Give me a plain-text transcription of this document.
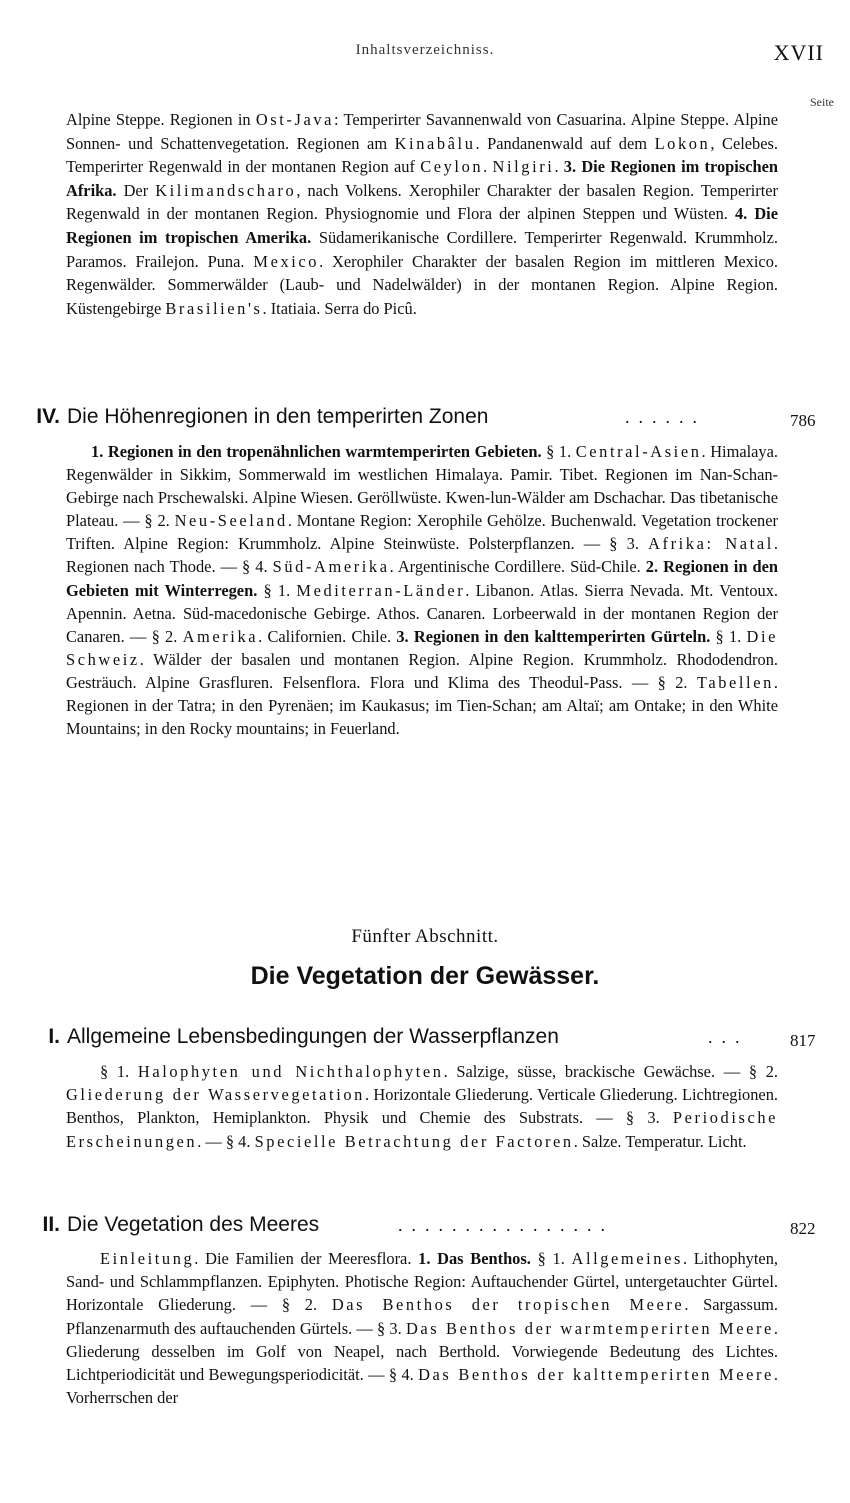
Inhaltsverzeichniss.	XVII
Seite

Alpine Steppe. Regionen in Ost-Java: Temperirter Savannenwald von Casuarina. Alpine Steppe. Alpine Sonnen- und Schattenvegetation. Regionen am Kinabâlu. Pandanenwald auf dem Lokon, Celebes. Temperirter Regenwald in der montanen Region auf Ceylon. Nilgiri. 3. Die Regionen im tropischen Afrika. Der Kilimandscharo, nach Volkens. Xerophiler Charakter der basalen Region. Temperirter Regenwald in der montanen Region. Physiognomie und Flora der alpinen Steppen und Wüsten. 4. Die Regionen im tropischen Amerika. Südamerikanische Cordillere. Temperirter Regenwald. Krummholz. Paramos. Frailejon. Puna. Mexico. Xerophiler Charakter der basalen Region im mittleren Mexico. Regenwälder. Sommerwälder (Laub- und Nadelwälder) in der montanen Region. Alpine Region. Küstengebirge Brasilien's. Itatiaia. Serra do Picû.

IV. Die Höhenregionen in den temperirten Zonen	......	786

1. Regionen in den tropenähnlichen warmtemperirten Gebieten. § 1. Central-Asien. Himalaya. Regenwälder in Sikkim, Sommerwald im westlichen Himalaya. Pamir. Tibet. Regionen im Nan-Schan-Gebirge nach Prschewalski. Alpine Wiesen. Geröllwüste. Kwen-lun-Wälder am Dschachar. Das tibetanische Plateau. — § 2. Neu-Seeland. Montane Region: Xerophile Gehölze. Buchenwald. Vegetation trockener Triften. Alpine Region: Krummholz. Alpine Steinwüste. Polsterpflanzen. — § 3. Afrika: Natal. Regionen nach Thode. — § 4. Süd-Amerika. Argentinische Cordillere. Süd-Chile. 2. Regionen in den Gebieten mit Winterregen. § 1. Mediterran-Länder. Libanon. Atlas. Sierra Nevada. Mt. Ventoux. Apennin. Aetna. Süd-macedonische Gebirge. Athos. Canaren. Lorbeerwald in der montanen Region der Canaren. — § 2. Amerika. Californien. Chile. 3. Regionen in den kalttemperirten Gürteln. § 1. Die Schweiz. Wälder der basalen und montanen Region. Alpine Region. Krummholz. Rhododendron. Gesträuch. Alpine Grasfluren. Felsenflora. Flora und Klima des Theodul-Pass. — § 2. Tabellen. Regionen in der Tatra; in den Pyrenäen; im Kaukasus; im Tien-Schan; am Altaï; am Ontake; in den White Mountains; in den Rocky mountains; in Feuerland.

Fünfter Abschnitt.
Die Vegetation der Gewässer.
I. Allgemeine Lebensbedingungen der Wasserpflanzen	... 817

§ 1. Halophyten und Nichthalophyten. Salzige, süsse, brackische Gewächse. — § 2. Gliederung der Wasservegetation. Horizontale Gliederung. Verticale Gliederung. Lichtregionen. Benthos, Plankton, Hemiplankton. Physik und Chemie des Substrats. — § 3. Periodische Erscheinungen. — § 4. Specielle Betrachtung der Factoren. Salze. Temperatur. Licht.

II. Die Vegetation des Meeres	................	822

Einleitung. Die Familien der Meeresflora. 1. Das Benthos. § 1. Allgemeines. Lithophyten, Sand- und Schlammpflanzen. Epiphyten. Photische Region: Auftauchender Gürtel, untergetauchter Gürtel. Horizontale Gliederung. — § 2. Das Benthos der tropischen Meere. Sargassum. Pflanzenarmuth des auftauchenden Gürtels. — § 3. Das Benthos der warmtemperirten Meere. Gliederung desselben im Golf von Neapel, nach Berthold. Vorwiegende Bedeutung des Lichtes. Lichtperiodicität und Bewegungsperiodicität. — § 4. Das Benthos der kalttemperirten Meere. Vorherrschen der
